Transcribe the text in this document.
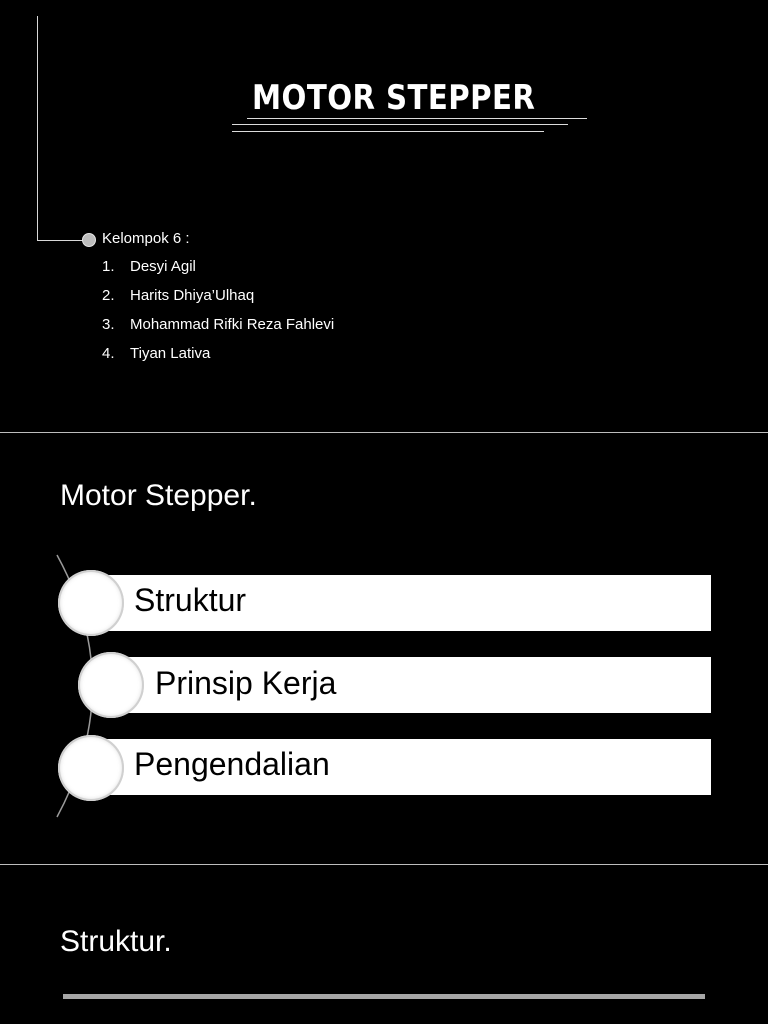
MOTOR STEPPER
Kelompok 6 :
1.	Desyi Agil
2.	Harits Dhiya’Ulhaq
3.	Mohammad Rifki Reza Fahlevi
4.	Tiyan Lativa
Motor Stepper.
Struktur
Prinsip Kerja
Pengendalian
Struktur.
